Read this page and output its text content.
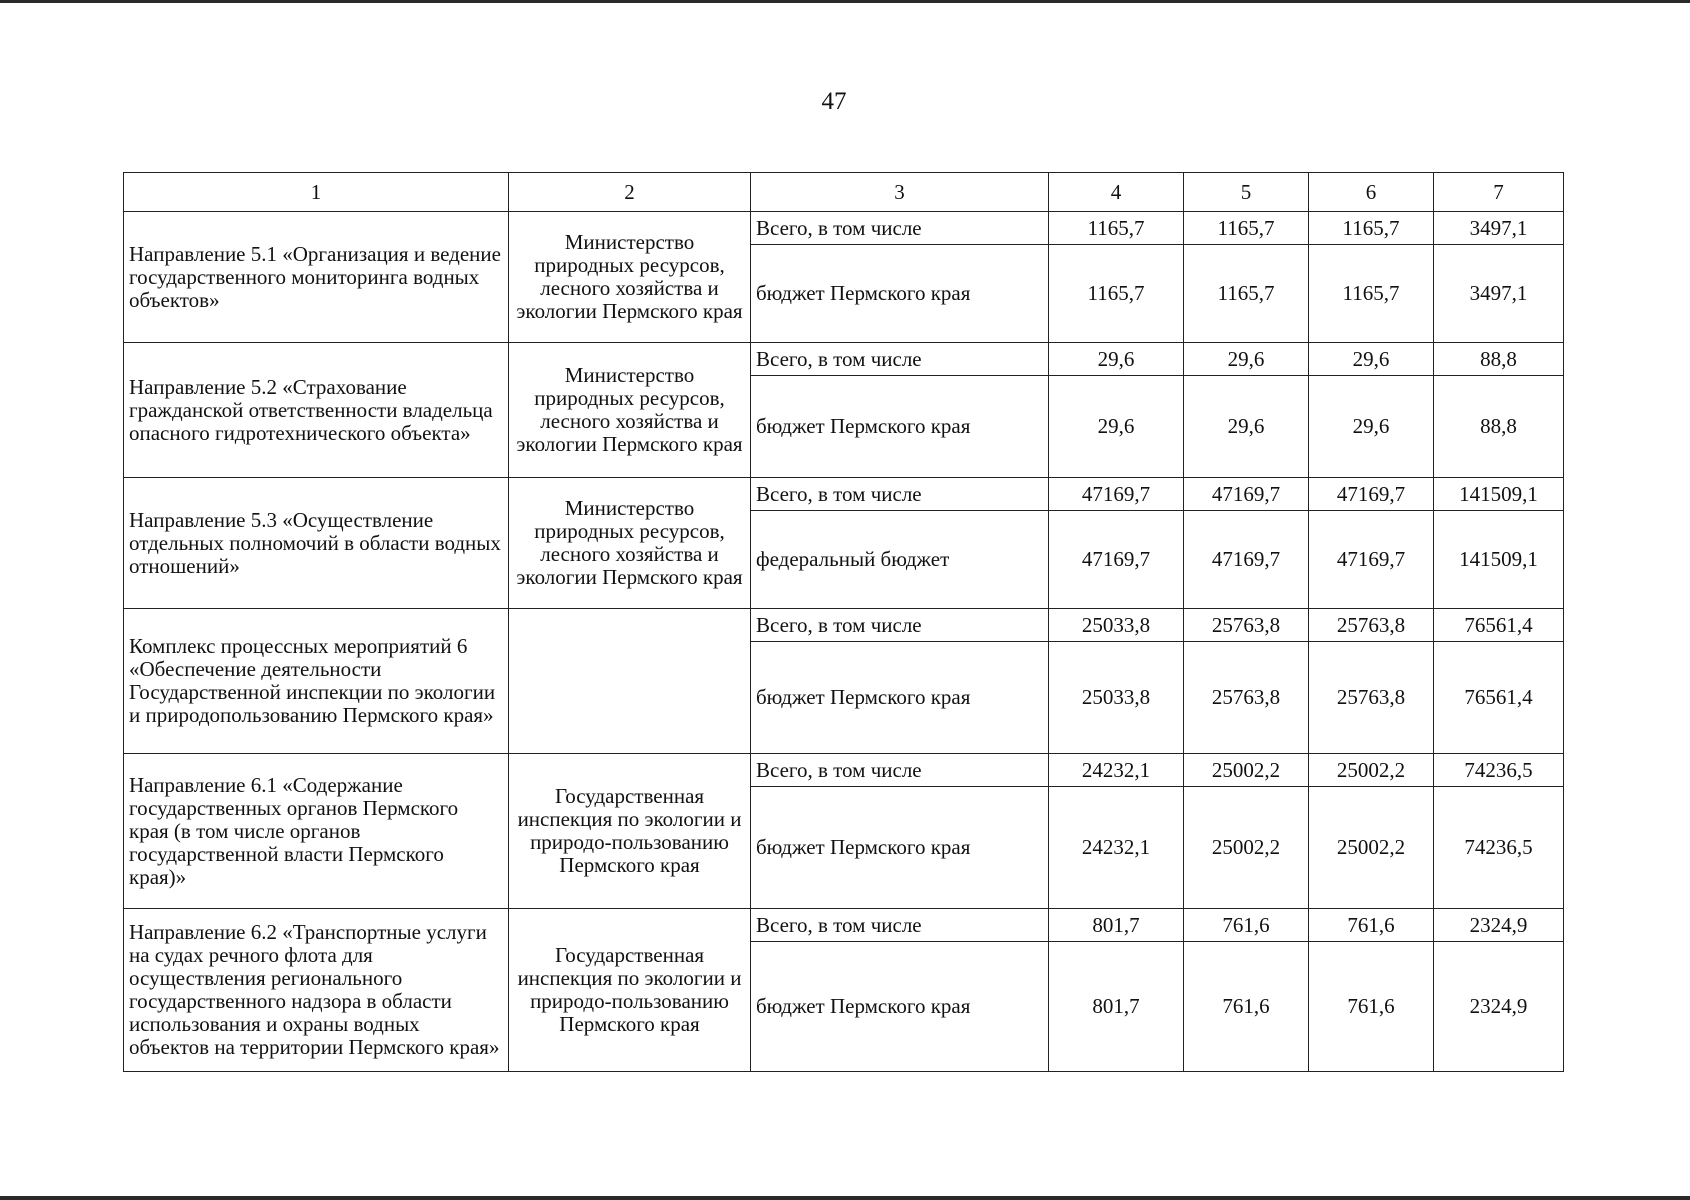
47
1	2	3	4	5	6	7
Направление 5.1 «Организация и ведение государственного мониторинга водных объектов»	Министерство природных ресурсов, лесного хозяйства и экологии Пермского края	Всего, в том числе	1165,7	1165,7	1165,7	3497,1
		бюджет Пермского края	1165,7	1165,7	1165,7	3497,1
Направление 5.2 «Страхование гражданской ответственности владельца опасного гидротехнического объекта»	Министерство природных ресурсов, лесного хозяйства и экологии Пермского края	Всего, в том числе	29,6	29,6	29,6	88,8
		бюджет Пермского края	29,6	29,6	29,6	88,8
Направление 5.3 «Осуществление отдельных полномочий в области водных отношений»	Министерство природных ресурсов, лесного хозяйства и экологии Пермского края	Всего, в том числе	47169,7	47169,7	47169,7	141509,1
		федеральный бюджет	47169,7	47169,7	47169,7	141509,1
Комплекс процессных мероприятий 6 «Обеспечение деятельности Государственной инспекции по экологии и природопользованию Пермского края»		Всего, в том числе	25033,8	25763,8	25763,8	76561,4
		бюджет Пермского края	25033,8	25763,8	25763,8	76561,4
Направление 6.1 «Содержание государственных органов Пермского края (в том числе органов государственной власти Пермского края)»	Государственная инспекция по экологии и природо-пользованию Пермского края	Всего, в том числе	24232,1	25002,2	25002,2	74236,5
		бюджет Пермского края	24232,1	25002,2	25002,2	74236,5
Направление 6.2 «Транспортные услуги на судах речного флота для осуществления регионального государственного надзора в области использования и охраны водных объектов на территории Пермского края»	Государственная инспекция по экологии и природо-пользованию Пермского края	Всего, в том числе	801,7	761,6	761,6	2324,9
		бюджет Пермского края	801,7	761,6	761,6	2324,9
